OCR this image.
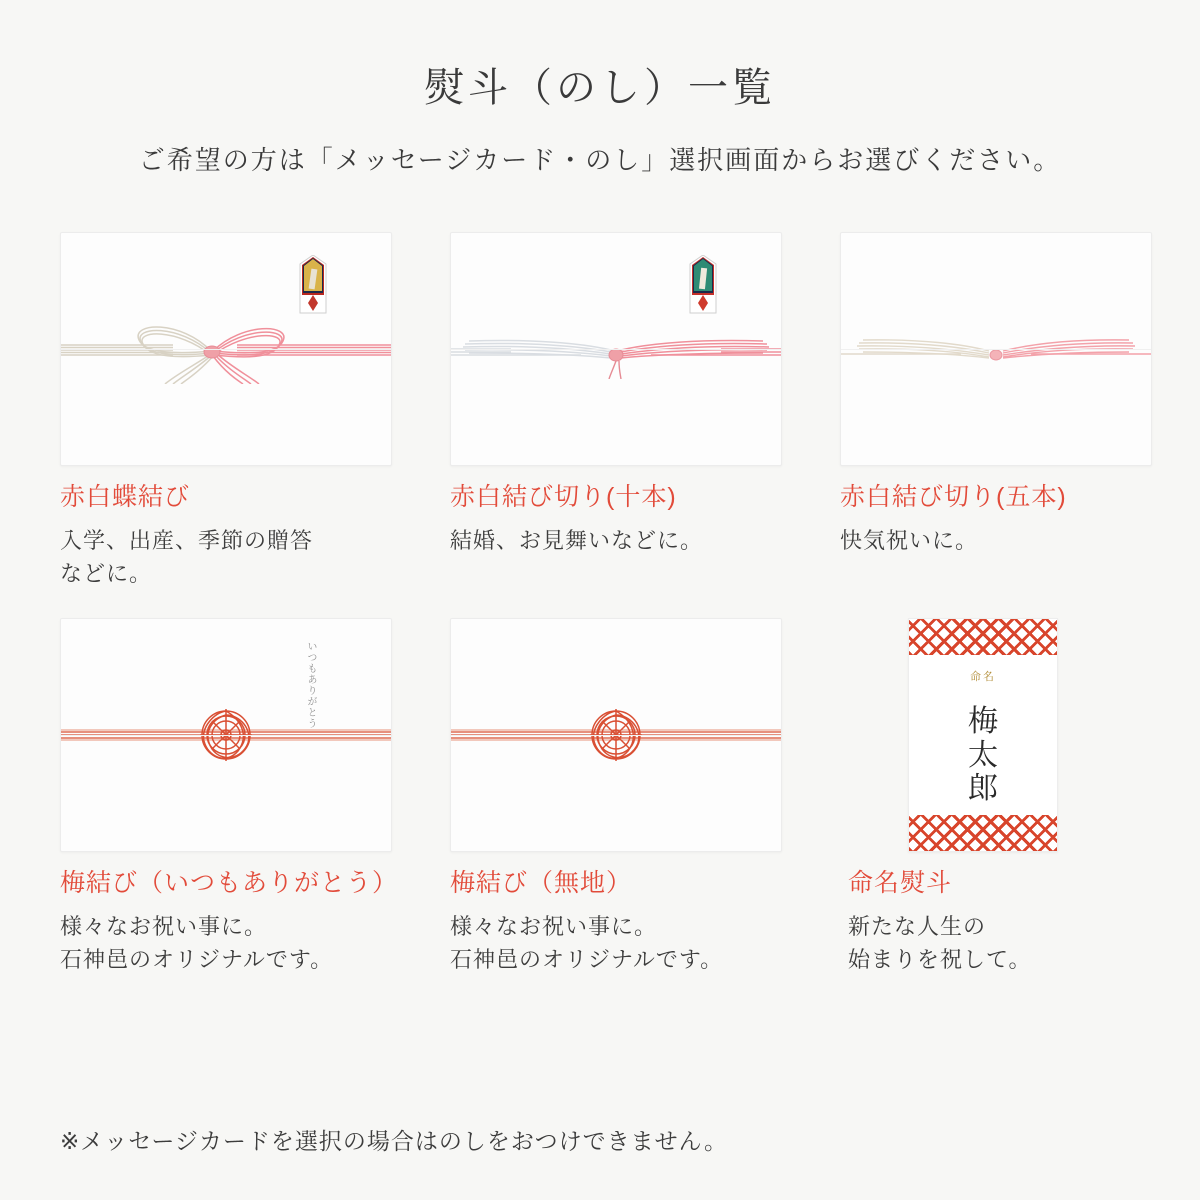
熨斗（のし）一覧
ご希望の方は「メッセージカード・のし」選択画面からお選びください。
赤白蝶結び
入学、出産、季節の贈答
などに。
赤白結び切り(十本)
結婚、お見舞いなどに。
赤白結び切り(五本)
快気祝いに。
いつもありがとう
梅結び（いつもありがとう）
様々なお祝い事に。
石神邑のオリジナルです。
梅結び（無地）
様々なお祝い事に。
石神邑のオリジナルです。
命名
梅
太
郎
命名熨斗
新たな人生の
始まりを祝して。
※メッセージカードを選択の場合はのしをおつけできません。
